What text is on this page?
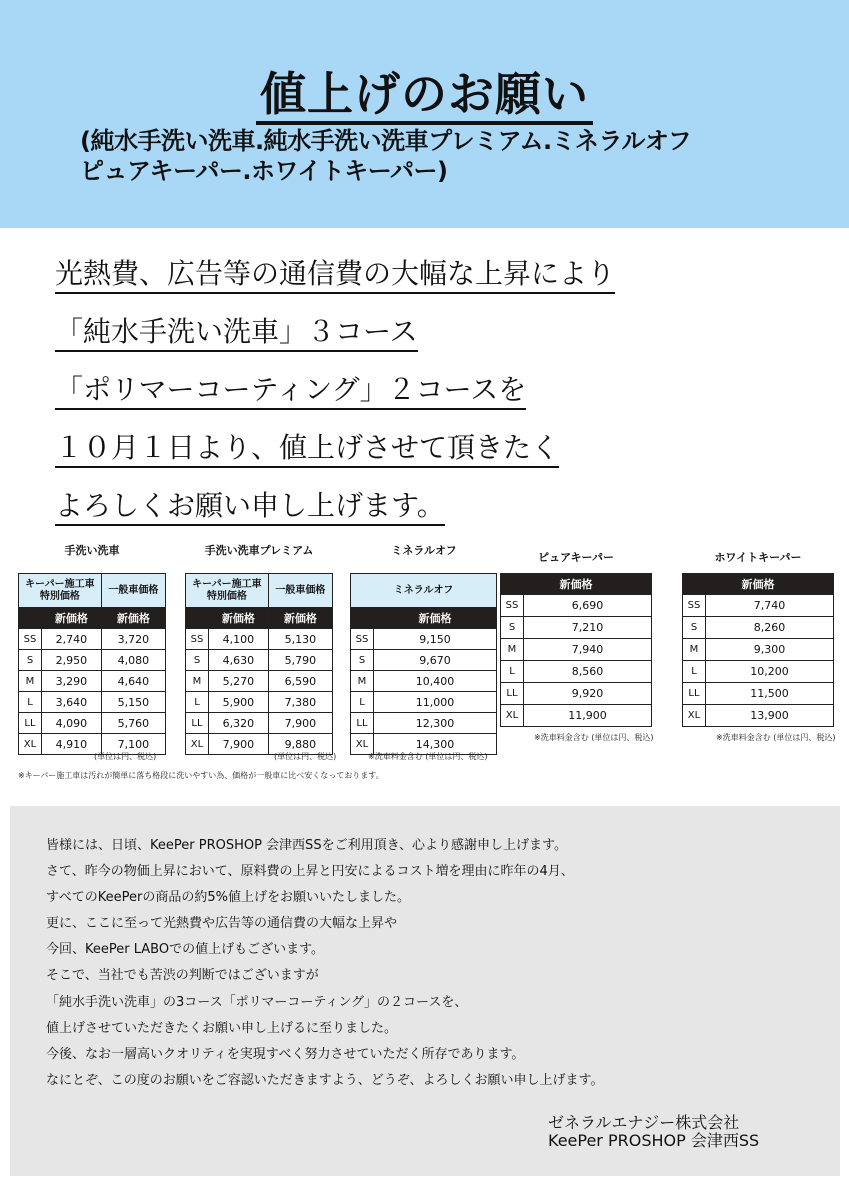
値上げのお願い
(純水手洗い洗車.純水手洗い洗車プレミアム.ミネラルオフ
ピュアキーパー.ホワイトキーパー)
光熱費、広告等の通信費の大幅な上昇により
「純水手洗い洗車」３コース
「ポリマーコーティング」２コースを
１０月１日より、値上げさせて頂きたく
よろしくお願い申し上げます。
手洗い洗車
キーパー施工車
特別価格		一般車価格
	新価格	新価格
SS	2,740	3,720
S	2,950	4,080
M	3,290	4,640
L	3,640	5,150
LL	4,090	5,760
XL	4,910	7,100
(単位は円、税込)
手洗い洗車プレミアム
キーパー施工車
特別価格		一般車価格
	新価格	新価格
SS	4,100	5,130
S	4,630	5,790
M	5,270	6,590
L	5,900	7,380
LL	6,320	7,900
XL	7,900	9,880
(単位は円、税込)
ミネラルオフ
ミネラルオフ	
	新価格
SS	9,150
S	9,670
M	10,400
L	11,000
LL	12,300
XL	14,300
※洗車料金含む (単位は円、税込)
ピュアキーパー
新価格	
SS	6,690
S	7,210
M	7,940
L	8,560
LL	9,920
XL	11,900
※洗車料金含む (単位は円、税込)
ホワイトキーパー
新価格	
SS	7,740
S	8,260
M	9,300
L	10,200
LL	11,500
XL	13,900
※洗車料金含む (単位は円、税込)
※キーパー施工車は汚れが簡単に落ち格段に洗いやすい為、価格が一般車に比べ安くなっております。
皆様には、日頃、KeePer PROSHOP 会津西SSをご利用頂き、心より感謝申し上げます。
さて、昨今の物価上昇において、原料費の上昇と円安によるコスト増を理由に昨年の4月、
すべてのKeePerの商品の約5%値上げをお願いいたしました。
更に、ここに至って光熱費や広告等の通信費の大幅な上昇や
今回、KeePer LABOでの値上げもございます。
そこで、当社でも苦渋の判断ではございますが
「純水手洗い洗車」の3コース「ポリマーコーティング」の２コースを、
値上げさせていただきたくお願い申し上げるに至りました。
今後、なお一層高いクオリティを実現すべく努力させていただく所存であります。
なにとぞ、この度のお願いをご容認いただきますよう、どうぞ、よろしくお願い申し上げます。
ゼネラルエナジー株式会社
KeePer PROSHOP 会津西SS
